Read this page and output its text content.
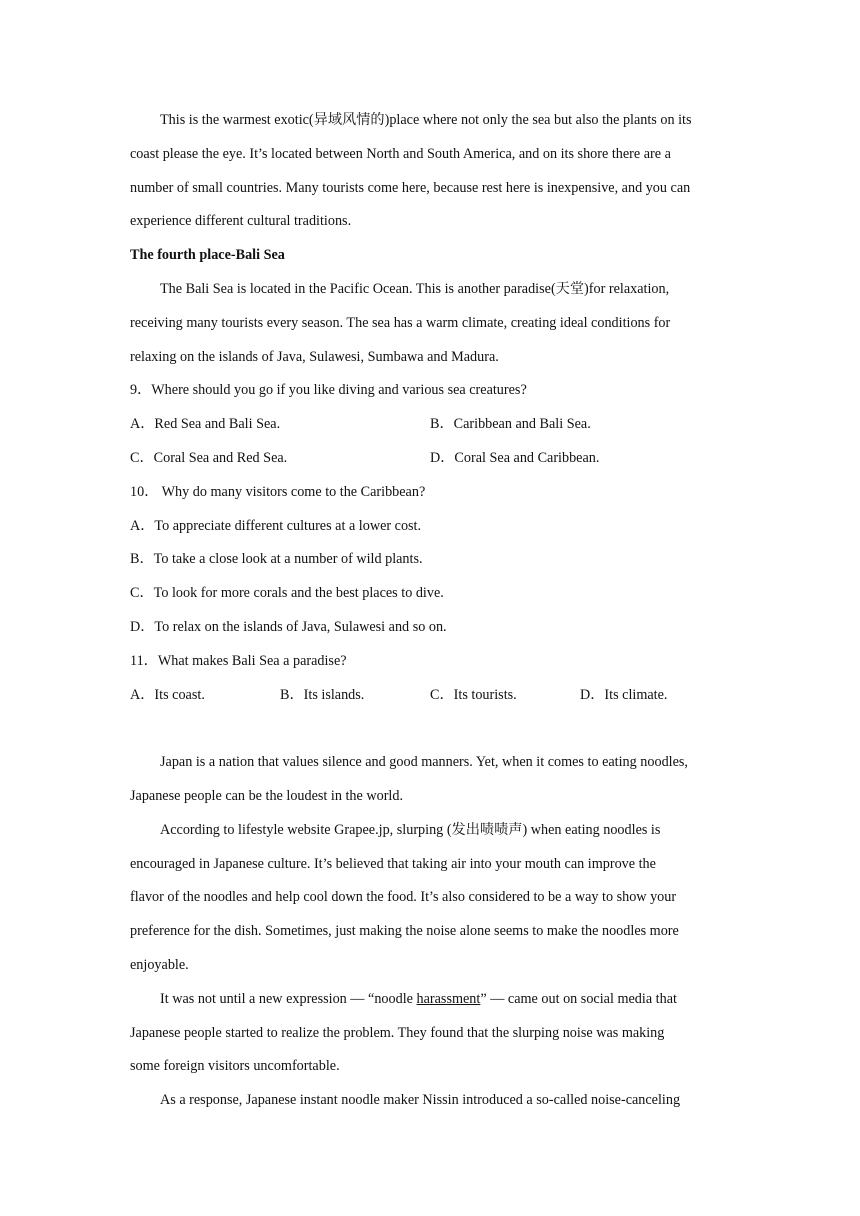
This is the warmest exotic(异域风情的)place where not only the sea but also the plants on its
coast please the eye. It’s located between North and South America, and on its shore there are a
number of small countries. Many tourists come here, because rest here is inexpensive, and you can
experience different cultural traditions.
The fourth place-Bali Sea
The Bali Sea is located in the Pacific Ocean. This is another paradise(天堂)for relaxation,
receiving many tourists every season. The sea has a warm climate, creating ideal conditions for
relaxing on the islands of Java, Sulawesi, Sumbawa and Madura.
9．Where should you go if you like diving and various sea creatures?
A．Red Sea and Bali Sea.	B．Caribbean and Bali Sea.
C．Coral Sea and Red Sea.	D．Coral Sea and Caribbean.
10． Why do many visitors come to the Caribbean?
A．To appreciate different cultures at a lower cost.
B．To take a close look at a number of wild plants.
C．To look for more corals and the best places to dive.
D．To relax on the islands of Java, Sulawesi and so on.
11．What makes Bali Sea a paradise?
A．Its coast.	B．Its islands.	C．Its tourists.	D．Its climate.
Japan is a nation that values silence and good manners. Yet, when it comes to eating noodles,
Japanese people can be the loudest in the world.
According to lifestyle website Grapee.jp, slurping (发出啧啧声) when eating noodles is
encouraged in Japanese culture. It’s believed that taking air into your mouth can improve the
flavor of the noodles and help cool down the food. It’s also considered to be a way to show your
preference for the dish. Sometimes, just making the noise alone seems to make the noodles more
enjoyable.
It was not until a new expression — “noodle harassment” — came out on social media that
Japanese people started to realize the problem. They found that the slurping noise was making
some foreign visitors uncomfortable.
As a response, Japanese instant noodle maker Nissin introduced a so-called noise-canceling
